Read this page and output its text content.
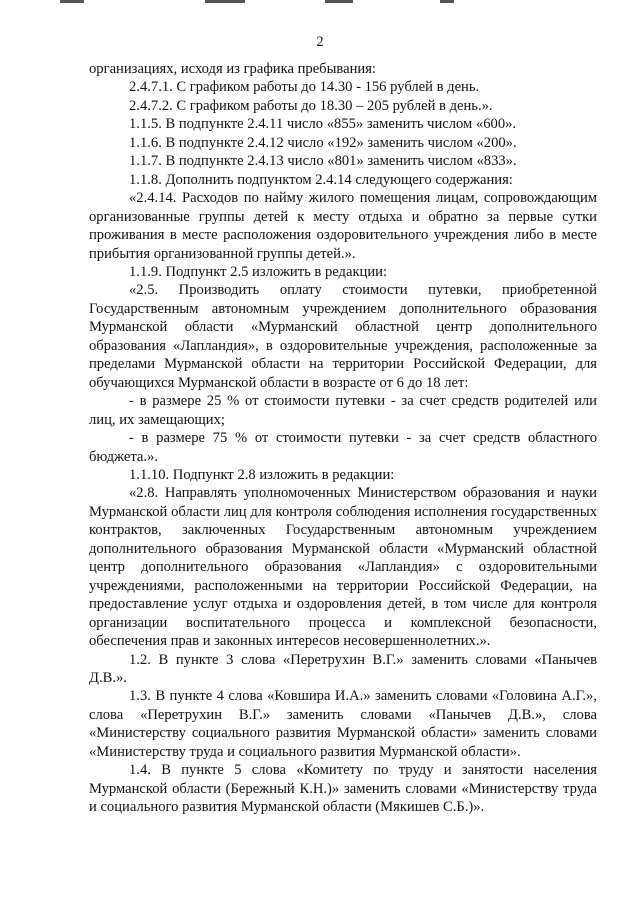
2

организациях, исходя из графика пребывания:

2.4.7.1. С графиком работы до 14.30 - 156 рублей в день.

2.4.7.2. С графиком работы до 18.30 – 205 рублей в день.».

1.1.5. В подпункте 2.4.11 число «855» заменить числом «600».

1.1.6. В подпункте 2.4.12 число «192» заменить числом «200».

1.1.7. В подпункте 2.4.13 число «801» заменить числом «833».

1.1.8. Дополнить подпунктом 2.4.14 следующего содержания:

«2.4.14. Расходов по найму жилого помещения лицам, сопровождающим организованные группы детей к месту отдыха и обратно за первые сутки проживания в месте расположения оздоровительного учреждения либо в месте прибытия организованной группы детей.».

1.1.9. Подпункт 2.5 изложить в редакции:

«2.5. Производить оплату стоимости путевки, приобретенной Государственным автономным учреждением дополнительного образования Мурманской области «Мурманский областной центр дополнительного образования «Лапландия», в оздоровительные учреждения, расположенные за пределами Мурманской области на территории Российской Федерации, для обучающихся Мурманской области в возрасте от 6 до 18 лет:

- в размере 25 % от стоимости путевки - за счет средств родителей или лиц, их замещающих;

- в размере 75 % от стоимости путевки - за счет средств областного бюджета.».

1.1.10. Подпункт 2.8 изложить в редакции:

«2.8. Направлять уполномоченных Министерством образования и науки Мурманской области лиц для контроля соблюдения исполнения государственных контрактов, заключенных Государственным автономным учреждением дополнительного образования Мурманской области «Мурманский областной центр дополнительного образования «Лапландия» с оздоровительными учреждениями, расположенными на территории Российской Федерации, на предоставление услуг отдыха и оздоровления детей, в том числе для контроля организации воспитательного процесса и комплексной безопасности, обеспечения прав и законных интересов несовершеннолетних.».

1.2. В пункте 3 слова «Перетрухин В.Г.» заменить словами «Панычев Д.В.».

1.3. В пункте 4 слова «Ковшира И.А.» заменить словами «Головина А.Г.», слова «Перетрухин В.Г.» заменить словами «Панычев Д.В.», слова «Министерству социального развития Мурманской области» заменить словами «Министерству труда и социального развития Мурманской области».

1.4. В пункте 5 слова «Комитету по труду и занятости населения Мурманской области (Бережный К.Н.)» заменить словами «Министерству труда и социального развития Мурманской области (Мякишев С.Б.)».
